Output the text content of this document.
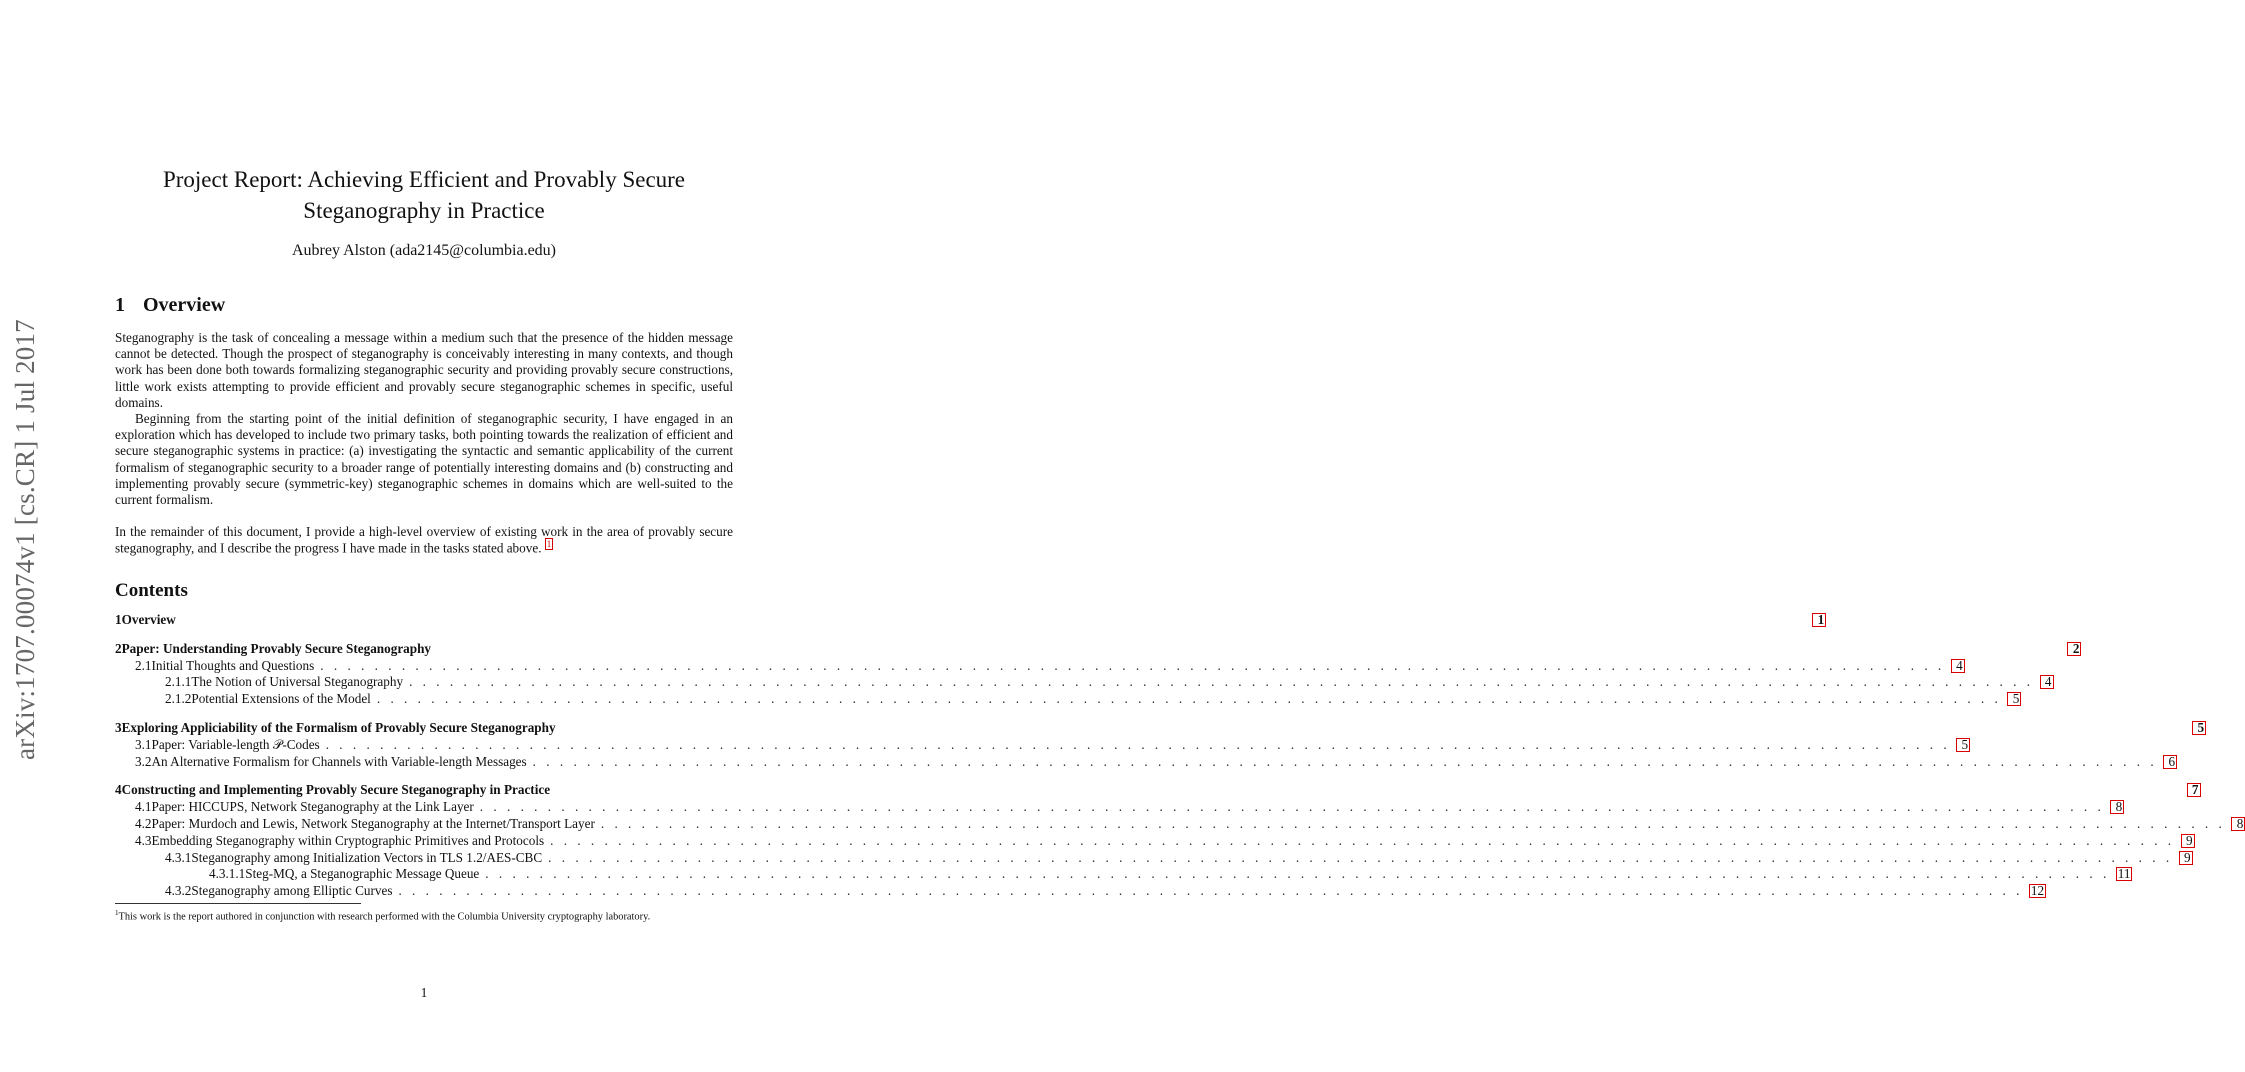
arXiv:1707.00074v1 [cs.CR] 1 Jul 2017
Project Report: Achieving Efficient and Provably Secure Steganography in Practice
Aubrey Alston (ada2145@columbia.edu)
1 Overview

Steganography is the task of concealing a message within a medium such that the presence of the hidden message cannot be detected. Though the prospect of steganography is conceivably interesting in many contexts, and though work has been done both towards formalizing steganographic security and providing provably secure constructions, little work exists attempting to provide efficient and provably secure steganographic schemes in specific, useful domains.

Beginning from the starting point of the initial definition of steganographic security, I have engaged in an exploration which has developed to include two primary tasks, both pointing towards the realization of efficient and secure steganographic systems in practice: (a) investigating the syntactic and semantic applicability of the current formalism of steganographic security to a broader range of potentially interesting domains and (b) constructing and implementing provably secure (symmetric-key) steganographic schemes in domains which are well-suited to the current formalism.

In the remainder of this document, I provide a high-level overview of existing work in the area of provably secure steganography, and I describe the progress I have made in the tasks stated above. $^1$

Contents
1 Overview	1
2 Paper: Understanding Provably Secure Steganography	2
2.1 Initial Thoughts and Questions . . . . . . . . . . . . . . . . . . . . . . . . . . . . . . . . . . . . . . . . . . . . . . . . . . . . . . . . . . . . . . . . . . . . . . . . . . . . . . . . . . . . . . . . . . . . . . . . . . . . . . . . . . . . . . . . . . . . . . . . 4
2.1.1 The Notion of Universal Steganography . . . . . . . . . . . . . . . . . . . . . . . . . . . . . . . . . . . . . . . . . . . . . . . . . . . . . . . . . . . . . . . . . . . . . . . . . . . . . . . . . . . . . . . . . . . . . . . . . . . . . . . . . . . . . . . . . . . . . . . . 4
2.1.2 Potential Extensions of the Model . . . . . . . . . . . . . . . . . . . . . . . . . . . . . . . . . . . . . . . . . . . . . . . . . . . . . . . . . . . . . . . . . . . . . . . . . . . . . . . . . . . . . . . . . . . . . . . . . . . . . . . . . . . . . . . . . . . . . . . . 5
3 Exploring Appliciability of the Formalism of Provably Secure Steganography	5
3.1 Paper: Variable-length 𝒫-Codes . . . . . . . . . . . . . . . . . . . . . . . . . . . . . . . . . . . . . . . . . . . . . . . . . . . . . . . . . . . . . . . . . . . . . . . . . . . . . . . . . . . . . . . . . . . . . . . . . . . . . . . . . . . . . . . . . . . . . . . . 5
3.2 An Alternative Formalism for Channels with Variable-length Messages . . . . . . . . . . . . . . . . . . . . . . . . . . . . . . . . . . . . . . . . . . . . . . . . . . . . . . . . . . . . . . . . . . . . . . . . . . . . . . . . . . . . . . . . . . . . . . . . . . . . . . . . . . . . . . . . . . . . . . . . 6
4 Constructing and Implementing Provably Secure Steganography in Practice	7
4.1 Paper: HICCUPS, Network Steganography at the Link Layer . . . . . . . . . . . . . . . . . . . . . . . . . . . . . . . . . . . . . . . . . . . . . . . . . . . . . . . . . . . . . . . . . . . . . . . . . . . . . . . . . . . . . . . . . . . . . . . . . . . . . . . . . . . . . . . . . . . . . . . . 8
4.2 Paper: Murdoch and Lewis, Network Steganography at the Internet/Transport Layer . . . . . . . . . . . . . . . . . . . . . . . . . . . . . . . . . . . . . . . . . . . . . . . . . . . . . . . . . . . . . . . . . . . . . . . . . . . . . . . . . . . . . . . . . . . . . . . . . . . . . . . . . . . . . . . . . . . . . . . . 8
4.3 Embedding Steganography within Cryptographic Primitives and Protocols . . . . . . . . . . . . . . . . . . . . . . . . . . . . . . . . . . . . . . . . . . . . . . . . . . . . . . . . . . . . . . . . . . . . . . . . . . . . . . . . . . . . . . . . . . . . . . . . . . . . . . . . . . . . . . . . . . . . . . . . 9
4.3.1 Steganography among Initialization Vectors in TLS 1.2/AES-CBC . . . . . . . . . . . . . . . . . . . . . . . . . . . . . . . . . . . . . . . . . . . . . . . . . . . . . . . . . . . . . . . . . . . . . . . . . . . . . . . . . . . . . . . . . . . . . . . . . . . . . . . . . . . . . . . . . . . . . . . . 9
4.3.1.1 Steg-MQ, a Steganographic Message Queue . . . . . . . . . . . . . . . . . . . . . . . . . . . . . . . . . . . . . . . . . . . . . . . . . . . . . . . . . . . . . . . . . . . . . . . . . . . . . . . . . . . . . . . . . . . . . . . . . . . . . . . . . . . . . . . . . . . . . . . . 11
4.3.2 Steganography among Elliptic Curves . . . . . . . . . . . . . . . . . . . . . . . . . . . . . . . . . . . . . . . . . . . . . . . . . . . . . . . . . . . . . . . . . . . . . . . . . . . . . . . . . . . . . . . . . . . . . . . . . . . . . . . . . . . . . . . . . . . . . . . . 12
$^1$This work is the report authored in conjunction with research performed with the Columbia University cryptography laboratory.
1
